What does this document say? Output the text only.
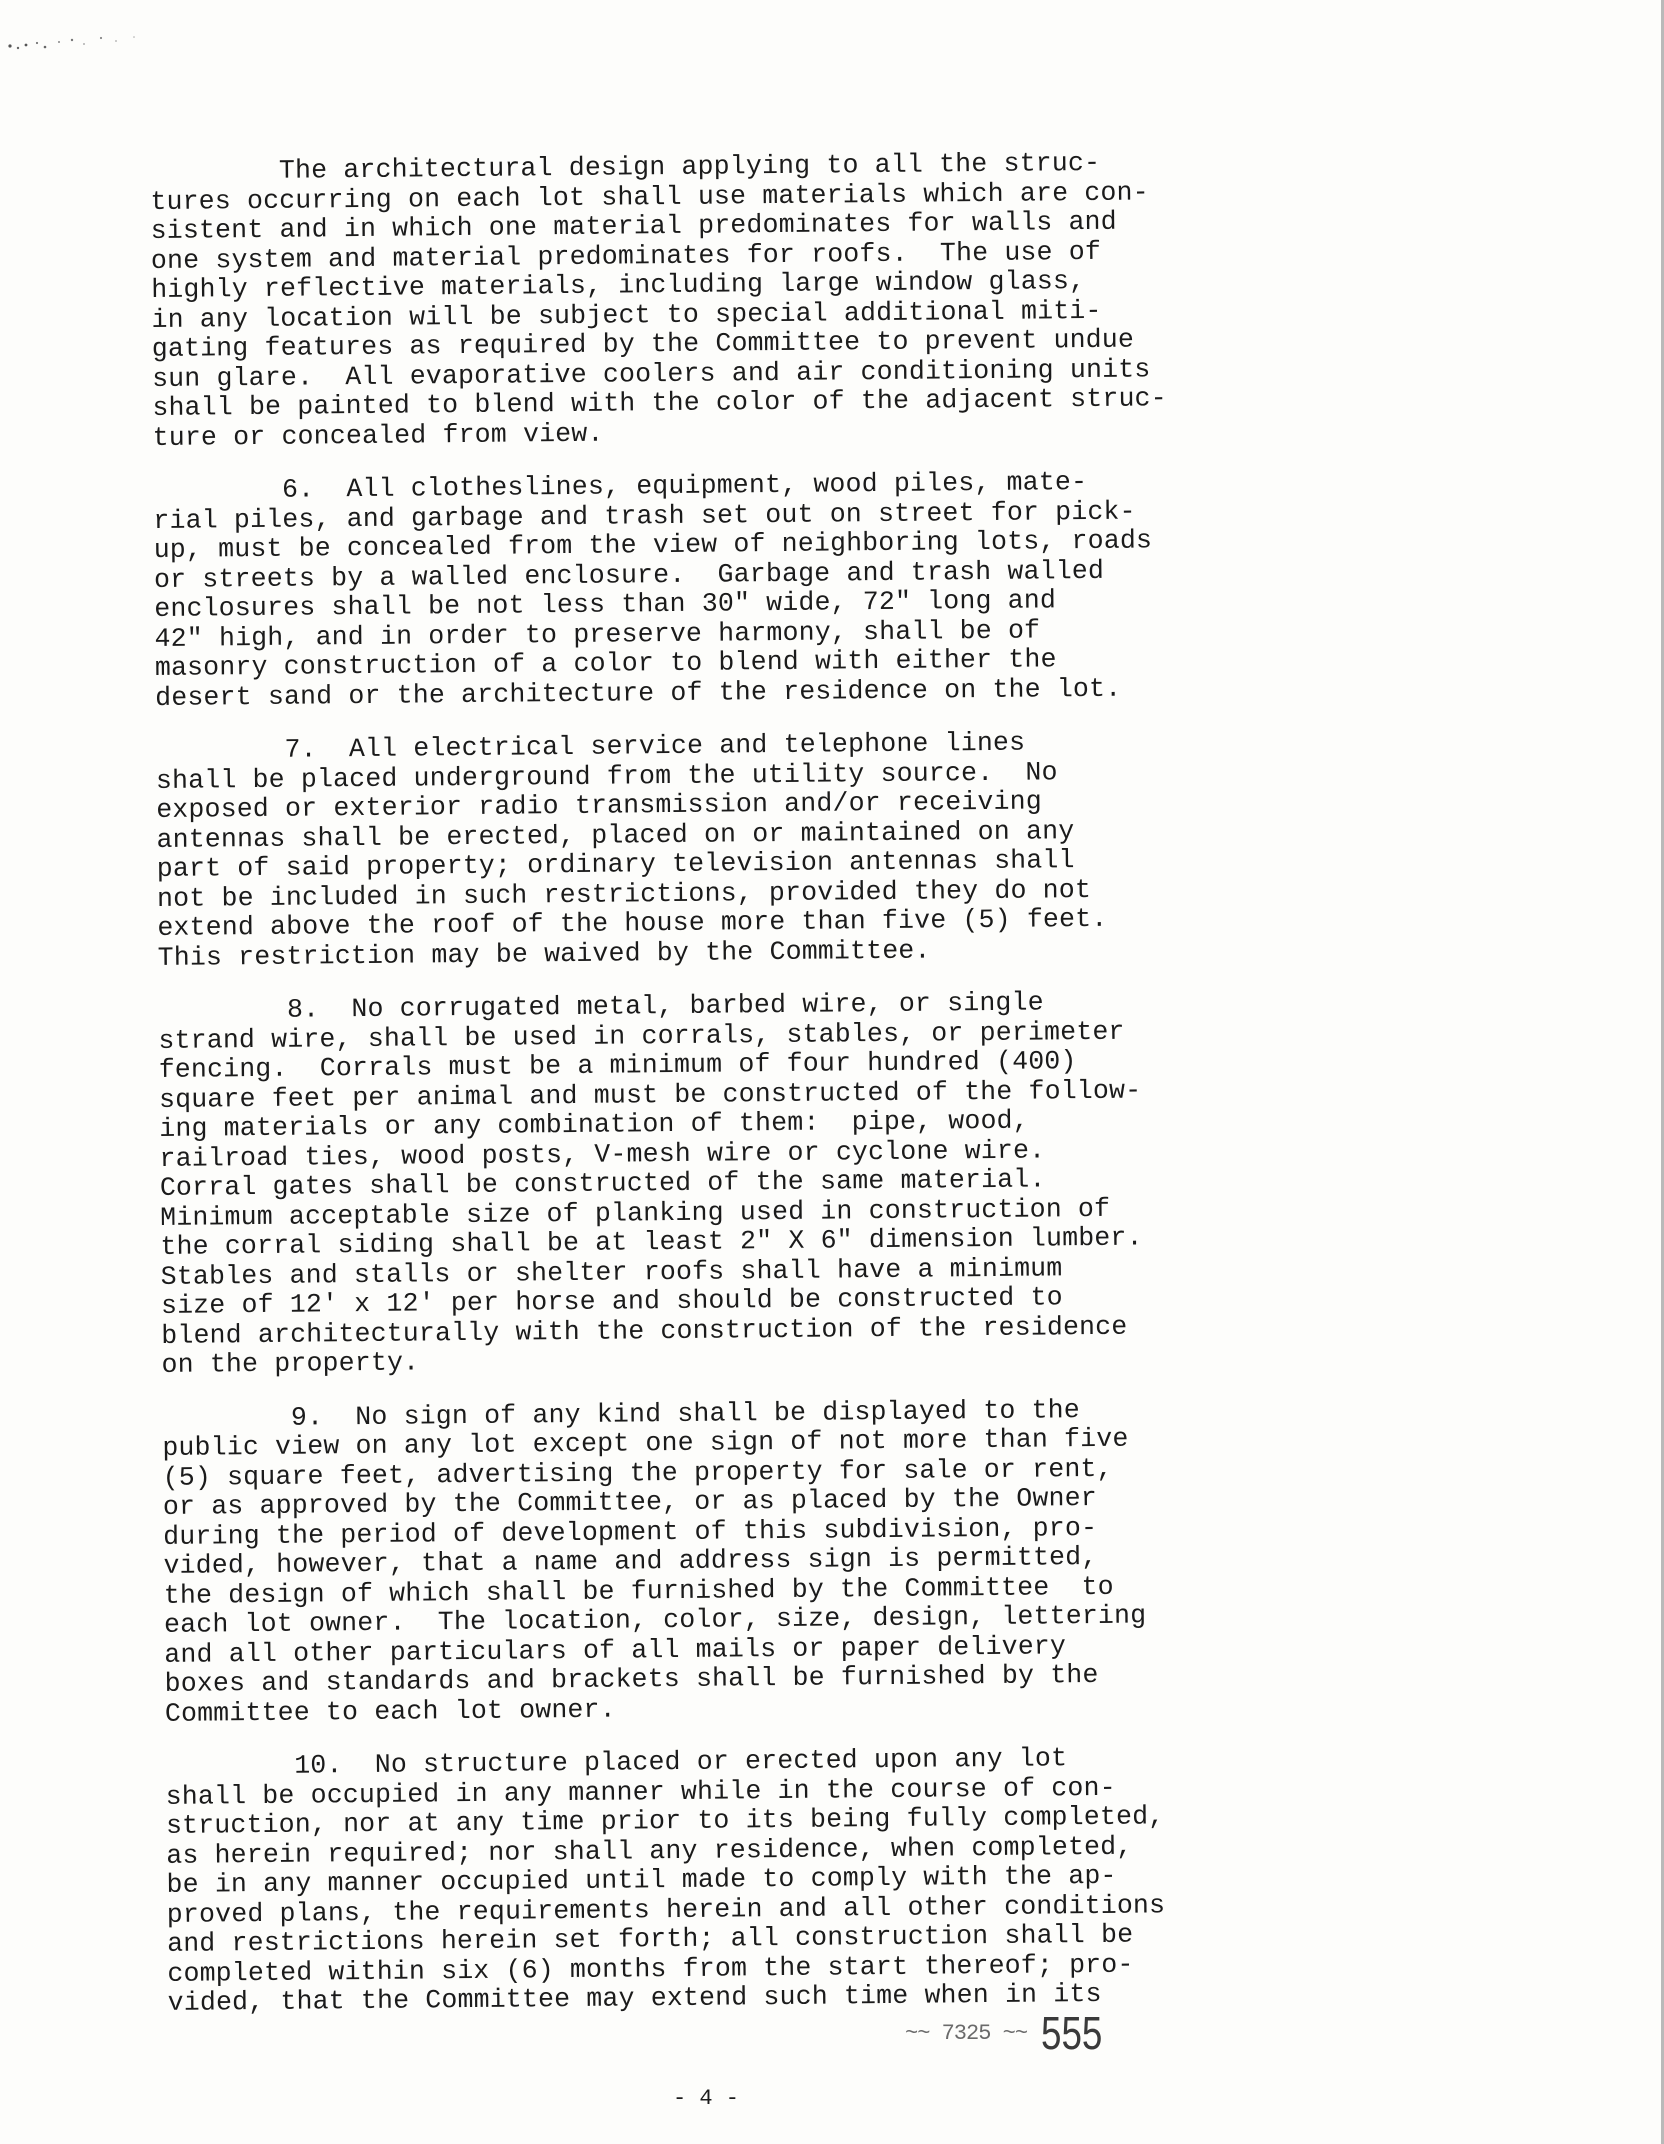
The architectural design applying to all the struc-
tures occurring on each lot shall use materials which are con-
sistent and in which one material predominates for walls and
one system and material predominates for roofs.  The use of
highly reflective materials, including large window glass,
in any location will be subject to special additional miti-
gating features as required by the Committee to prevent undue
sun glare.  All evaporative coolers and air conditioning units
shall be painted to blend with the color of the adjacent struc-
ture or concealed from view.
6.  All clotheslines, equipment, wood piles, mate-
rial piles, and garbage and trash set out on street for pick-
up, must be concealed from the view of neighboring lots, roads
or streets by a walled enclosure.  Garbage and trash walled
enclosures shall be not less than 30" wide, 72" long and
42" high, and in order to preserve harmony, shall be of
masonry construction of a color to blend with either the
desert sand or the architecture of the residence on the lot.
7.  All electrical service and telephone lines
shall be placed underground from the utility source.  No
exposed or exterior radio transmission and/or receiving
antennas shall be erected, placed on or maintained on any
part of said property; ordinary television antennas shall
not be included in such restrictions, provided they do not
extend above the roof of the house more than five (5) feet.
This restriction may be waived by the Committee.
8.  No corrugated metal, barbed wire, or single
strand wire, shall be used in corrals, stables, or perimeter
fencing.  Corrals must be a minimum of four hundred (400)
square feet per animal and must be constructed of the follow-
ing materials or any combination of them:  pipe, wood,
railroad ties, wood posts, V-mesh wire or cyclone wire.
Corral gates shall be constructed of the same material.
Minimum acceptable size of planking used in construction of
the corral siding shall be at least 2" X 6" dimension lumber.
Stables and stalls or shelter roofs shall have a minimum
size of 12' x 12' per horse and should be constructed to
blend architecturally with the construction of the residence
on the property.
9.  No sign of any kind shall be displayed to the
public view on any lot except one sign of not more than five
(5) square feet, advertising the property for sale or rent,
or as approved by the Committee, or as placed by the Owner
during the period of development of this subdivision, pro-
vided, however, that a name and address sign is permitted,
the design of which shall be furnished by the Committee  to
each lot owner.  The location, color, size, design, lettering
and all other particulars of all mails or paper delivery
boxes and standards and brackets shall be furnished by the
Committee to each lot owner.
10.  No structure placed or erected upon any lot
shall be occupied in any manner while in the course of con-
struction, nor at any time prior to its being fully completed,
as herein required; nor shall any residence, when completed,
be in any manner occupied until made to comply with the ap-
proved plans, the requirements herein and all other conditions
and restrictions herein set forth; all construction shall be
completed within six (6) months from the start thereof; pro-
vided, that the Committee may extend such time when in its
~~ 7325 ~~ 555
- 4 -
